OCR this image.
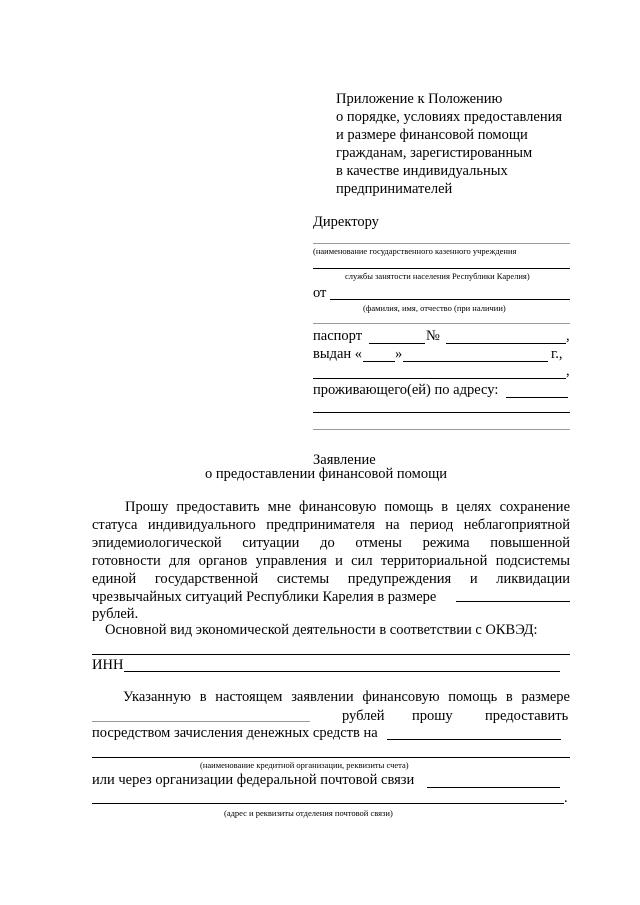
Приложение к Положению
о порядке, условиях предоставления
и размере финансовой помощи
гражданам, зарегистированным
в качестве индивидуальных
предпринимателей
Директору
(наименование государственного казенного учреждения
службы занятости населения Республики Карелия)
от
(фамилия, имя, отчество (при наличии)
паспорт	№	,
выдан « »	г.,
,
проживающего(ей) по адресу:
Заявление
о предоставлении финансовой помощи
Прошу предоставить мне финансовую помощь в целях сохранение
статуса индивидуального предпринимателя на период неблагоприятной
эпидемиологической ситуации до отмены режима повышенной
готовности для органов управления и сил территориальной подсистемы
единой государственной системы предупреждения и ликвидации
чрезвычайных ситуаций Республики Карелия в размере
рублей.
Основной вид экономической деятельности в соответствии с ОКВЭД:
ИНН
Указанную в настоящем заявлении финансовую помощь в размере
рублей прошу предоставить
посредством зачисления денежных средств на
(наименование кредитной организации, реквизиты счета)
или через организации федеральной почтовой связи
.
(адрес и реквизиты отделения почтовой связи)
